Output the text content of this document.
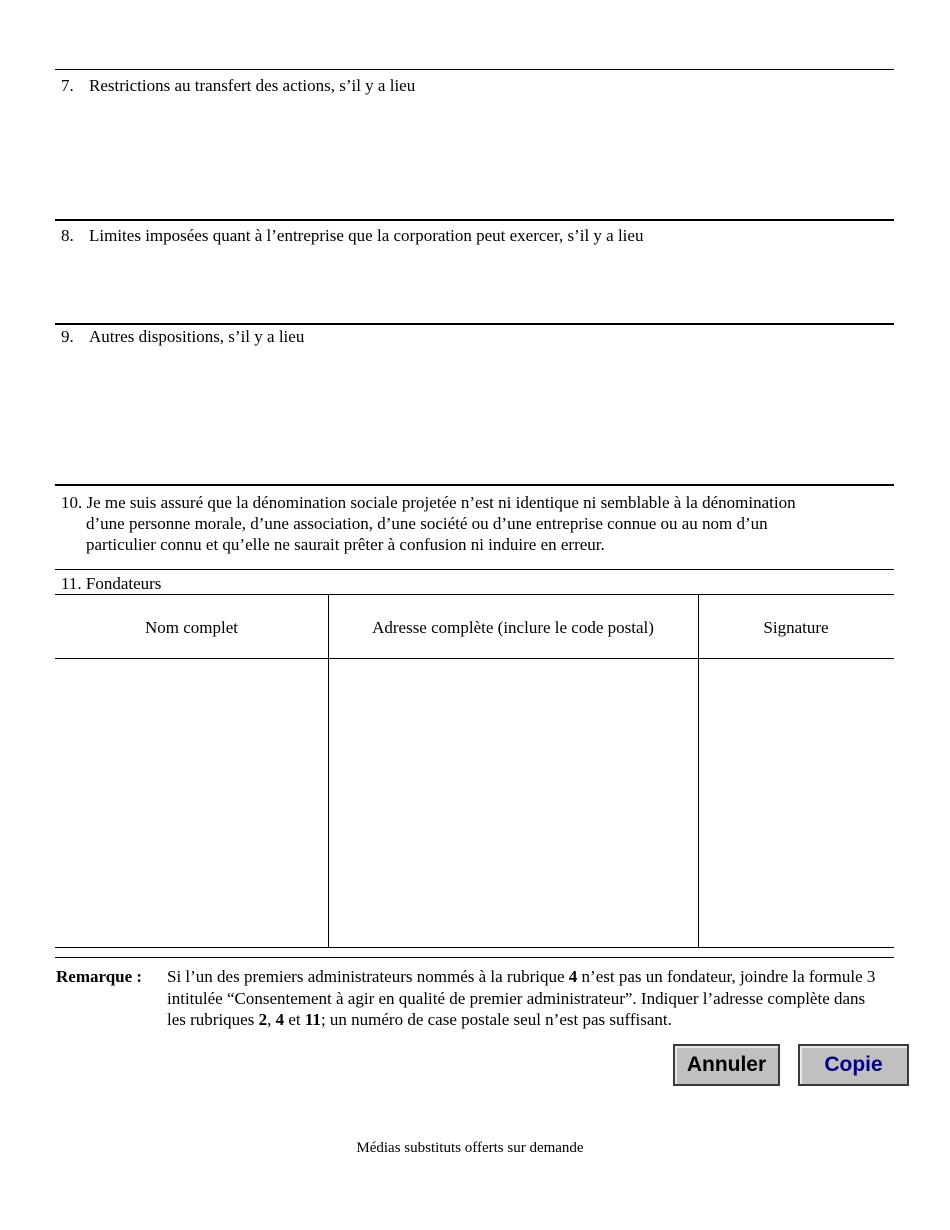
7. Restrictions au transfert des actions, s’il y a lieu
8. Limites imposées quant à l’entreprise que la corporation peut exercer, s’il y a lieu
9. Autres dispositions, s’il y a lieu

10. Je me suis assuré que la dénomination sociale projetée n’est ni identique ni semblable à la dénomination

d’une personne morale, d’une association, d’une société ou d’une entreprise connue ou au nom d’un

particulier connu et qu’elle ne saurait prêter à confusion ni induire en erreur.

11. Fondateurs
Nom complet	Adresse complète (inclure le code postal)	Signature
Remarque : Si l’un des premiers administrateurs nommés à la rubrique 4 n’est pas un fondateur, joindre la formule 3 intitulée “Consentement à agir en qualité de premier administrateur”. Indiquer l’adresse complète dans les rubriques 2, 4 et 11; un numéro de case postale seul n’est pas suffisant.
Annuler	Copie
Médias substituts offerts sur demande
